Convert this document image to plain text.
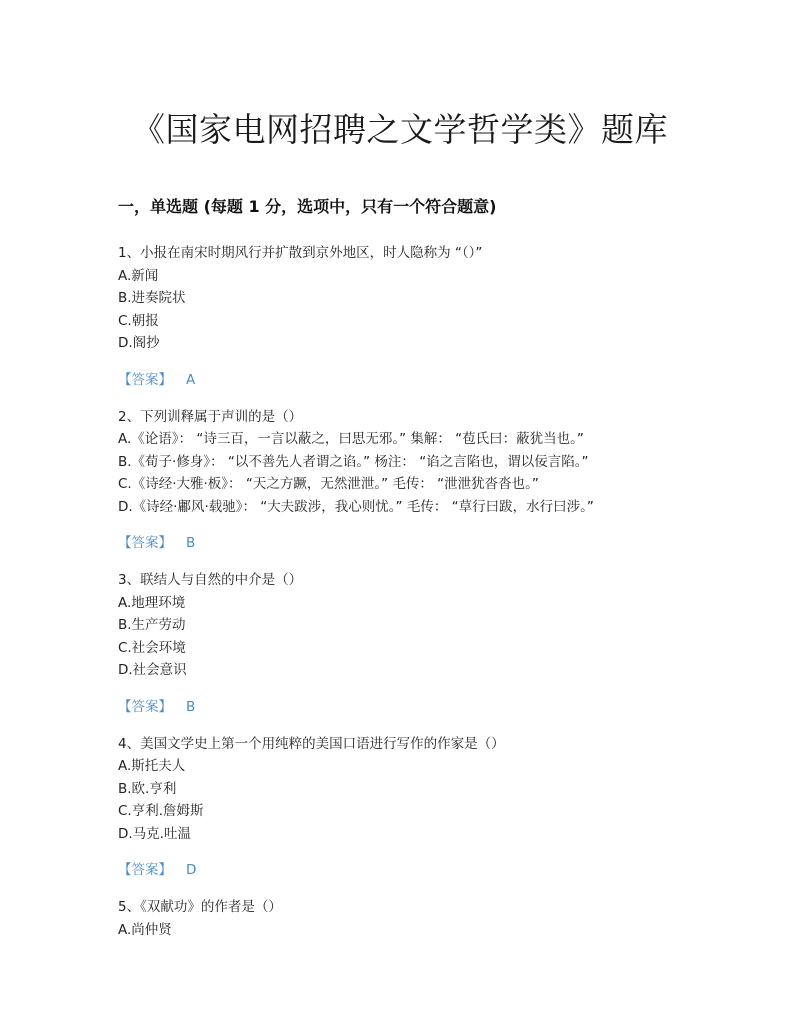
《国家电网招聘之文学哲学类》题库
一，单选题 (每题 1 分，选项中，只有一个符合题意)
1、小报在南宋时期风行并扩散到京外地区，时人隐称为 “（）”
A.新闻
B.进奏院状
C.朝报
D.阁抄
【答案】 A
2、下列训释属于声训的是（）
A.《论语》： “诗三百，一言以蔽之，曰思无邪。” 集解： “苞氏曰：蔽犹当也。”
B.《荀子·修身》： “以不善先人者谓之谄。” 杨注： “谄之言陷也，谓以佞言陷。”
C.《诗经·大雅·板》： “天之方蹶，无然泄泄。” 毛传： “泄泄犹沓沓也。”
D.《诗经·鄘风·载驰》： “大夫跋涉，我心则忧。” 毛传： “草行曰跋，水行曰涉。”
【答案】 B
3、联结人与自然的中介是（）
A.地理环境
B.生产劳动
C.社会环境
D.社会意识
【答案】 B
4、美国文学史上第一个用纯粹的美国口语进行写作的作家是（）
A.斯托夫人
B.欧.亨利
C.亨利.詹姆斯
D.马克.吐温
【答案】 D
5、《双献功》的作者是（）
A.尚仲贤
